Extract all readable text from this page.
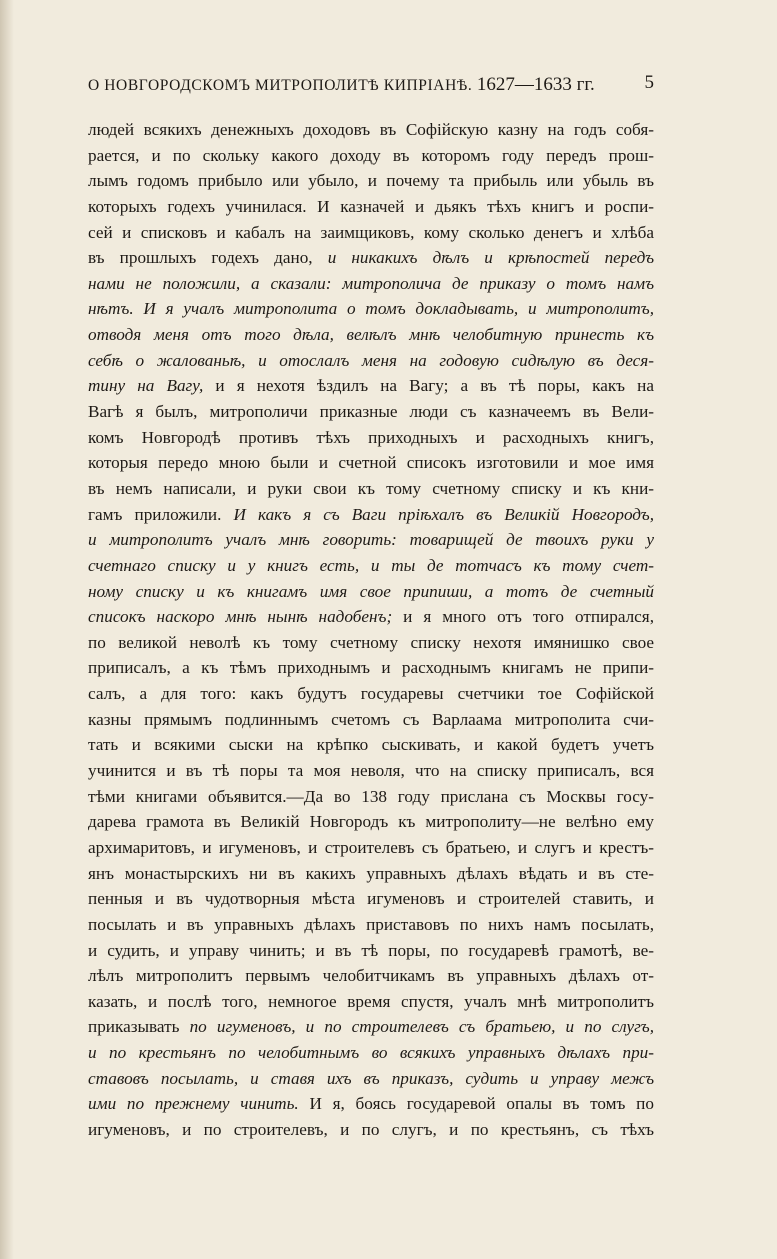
О НОВГОРОДСКОМЪ МИТРОПОЛИТѢ КИПРІАНѢ. 1627—1633 гг.	5
людей всякихъ денежныхъ доходовъ въ Софійскую казну на годъ собя-
рается, и по скольку какого доходу въ которомъ году передъ прош-
лымъ годомъ прибыло или убыло, и почему та прибыль или убыль въ
которыхъ годехъ учинилася. И казначей и дьякъ тѣхъ книгъ и роспи-
сей и списковъ и кабалъ на заимщиковъ, кому сколько денегъ и хлѣба
въ прошлыхъ годехъ дано, и никакихъ дѣлъ и крѣпостей передъ
нами не положили, а сказали: митрополича де приказу о томъ намъ
нѣтъ. И я учалъ митрополита о томъ докладывать, и митрополитъ,
отводя меня отъ того дѣла, велѣлъ мнѣ челобитную принесть къ
себѣ о жалованьѣ, и отослалъ меня на годовую сидѣлую въ деся-
тину на Вагу, и я нехотя ѣздилъ на Вагу; а въ тѣ поры, какъ на
Вагѣ я былъ, митрополичи приказные люди съ казначеемъ въ Вели-
комъ Новгородѣ противъ тѣхъ приходныхъ и расходныхъ книгъ,
которыя передо мною были и счетной списокъ изготовили и мое имя
въ немъ написали, и руки свои къ тому счетному списку и къ кни-
гамъ приложили. И какъ я съ Ваги пріѣхалъ въ Великій Новгородъ,
и митрополитъ учалъ мнѣ говорить: товарищей де твоихъ руки у
счетнаго списку и у книгъ есть, и ты де тотчасъ къ тому счет-
ному списку и къ книгамъ имя свое припиши, а тотъ де счетный
списокъ наскоро мнѣ нынѣ надобенъ; и я много отъ того отпирался,
по великой неволѣ къ тому счетному списку нехотя имянишко свое
приписалъ, а къ тѣмъ приходнымъ и расходнымъ книгамъ не припи-
салъ, а для того: какъ будутъ государевы счетчики тое Софійской
казны прямымъ подлиннымъ счетомъ съ Варлаама митрополита счи-
тать и всякими сыски на крѣпко сыскивать, и какой будетъ учетъ
учинится и въ тѣ поры та моя неволя, что на списку приписалъ, вся
тѣми книгами объявится.—Да во 138 году прислана съ Москвы госу-
дарева грамота въ Великій Новгородъ къ митрополиту—не велѣно ему
архимаритовъ, и игуменовъ, и строителевъ съ братьею, и слугъ и крестъ-
янъ монастырскихъ ни въ какихъ управныхъ дѣлахъ вѣдать и въ сте-
пенныя и въ чудотворныя мѣста игуменовъ и строителей ставить, и
посылать и въ управныхъ дѣлахъ приставовъ по нихъ намъ посылать,
и судить, и управу чинить; и въ тѣ поры, по государевѣ грамотѣ, ве-
лѣлъ митрополитъ первымъ челобитчикамъ въ управныхъ дѣлахъ от-
казать, и послѣ того, немногое время спустя, учалъ мнѣ митрополитъ
приказывать по игуменовъ, и по строителевъ съ братьею, и по слугъ,
и по крестьянъ по челобитнымъ во всякихъ управныхъ дѣлахъ при-
ставовъ посылать, и ставя ихъ въ приказъ, судить и управу межъ
ими по прежнему чинить. И я, боясь государевой опалы въ томъ по
игуменовъ, и по строителевъ, и по слугъ, и по крестьянъ, съ тѣхъ
